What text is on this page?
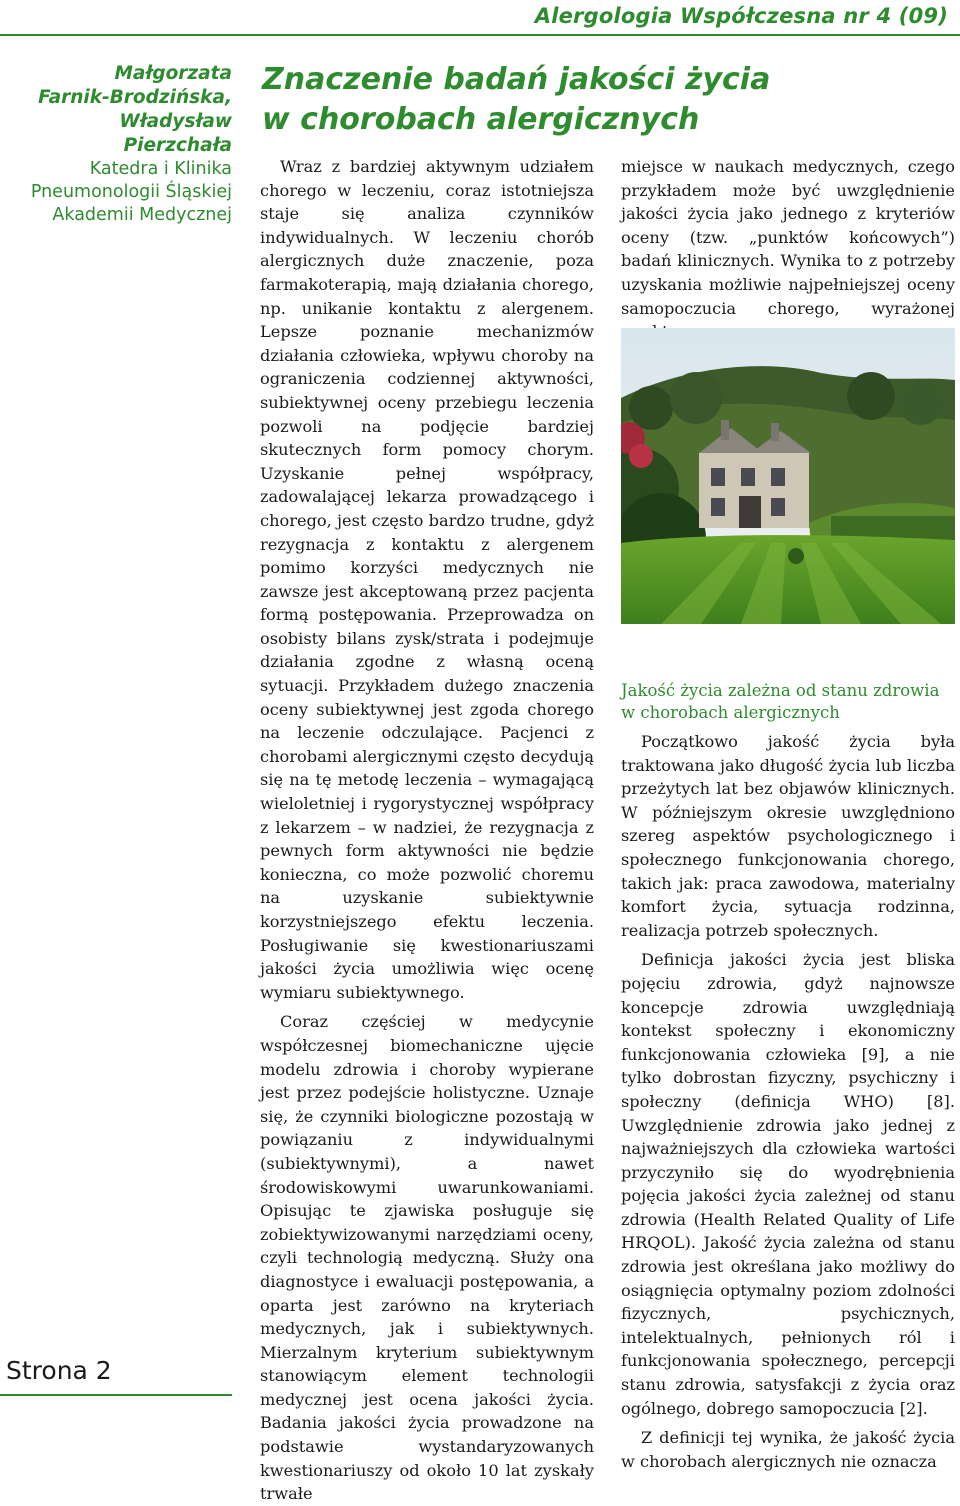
Alergologia Współczesna nr 4 (09)
Małgorzata
Farnik-Brodzińska,
Władysław
Pierzchała
Katedra i Klinika
Pneumonologii Śląskiej
Akademii Medycznej
Strona 2
Znaczenie badań jakości życia
w chorobach alergicznych

Wraz z bardziej aktywnym udziałem chorego w leczeniu, coraz istotniejsza staje się analiza czynników indywidualnych. W leczeniu chorób alergicznych duże znaczenie, poza farmakoterapią, mają działania chorego, np. unikanie kontaktu z alergenem. Lepsze poznanie mechanizmów działania człowieka, wpływu choroby na ograniczenia codziennej aktywności, subiektywnej oceny przebiegu leczenia pozwoli na podjęcie bardziej skutecznych form pomocy chorym. Uzyskanie pełnej współpracy, zadowalającej lekarza prowadzącego i chorego, jest często bardzo trudne, gdyż rezygnacja z kontaktu z alergenem pomimo korzyści medycznych nie zawsze jest akceptowaną przez pacjenta formą postępowania. Przeprowadza on osobisty bilans zysk/strata i podejmuje działania zgodne z własną oceną sytuacji. Przykładem dużego znaczenia oceny subiektywnej jest zgoda chorego na leczenie odczulające. Pacjenci z chorobami alergicznymi często decydują się na tę metodę leczenia – wymagającą wieloletniej i rygorystycznej współpracy z lekarzem – w nadziei, że rezygnacja z pewnych form aktywności nie będzie konieczna, co może pozwolić choremu na uzyskanie subiektywnie korzystniejszego efektu leczenia. Posługiwanie się kwestionariuszami jakości życia umożliwia więc ocenę wymiaru subiektywnego.

Coraz częściej w medycynie współczesnej biomechaniczne ujęcie modelu zdrowia i choroby wypierane jest przez podejście holistyczne. Uznaje się, że czynniki biologiczne pozostają w powiązaniu z indywidualnymi (subiektywnymi), a nawet środowiskowymi uwarunkowaniami. Opisując te zjawiska posługuje się zobiektywizowanymi narzędziami oceny, czyli technologią medyczną. Służy ona diagnostyce i ewaluacji postępowania, a oparta jest zarówno na kryteriach medycznych, jak i subiektywnych. Mierzalnym kryterium subiektywnym stanowiącym element technologii medycznej jest ocena jakości życia. Badania jakości życia prowadzone na podstawie wystandaryzowanych kwestionariuszy od około 10 lat zyskały trwałe

miejsce w naukach medycznych, czego przykładem może być uwzględnienie jakości życia jako jednego z kryteriów oceny (tzw. „punktów końcowych”) badań klinicznych. Wynika to z potrzeby uzyskania możliwie najpełniejszej oceny samopoczucia chorego, wyrażonej

Jakość życia zależna od stanu zdrowia
w chorobach alergicznych

Początkowo jakość życia była traktowana jako długość życia lub liczba przeżytych lat bez objawów klinicznych. W późniejszym okresie uwzględniono szereg aspektów psychologicznego i społecznego funkcjonowania chorego, takich jak: praca zawodowa, materialny komfort życia, sytuacja rodzinna, realizacja potrzeb społecznych.

Definicja jakości życia jest bliska pojęciu zdrowia, gdyż najnowsze koncepcje zdrowia uwzględniają kontekst społeczny i ekonomiczny funkcjonowania człowieka [9], a nie tylko dobrostan fizyczny, psychiczny i społeczny (definicja WHO) [8]. Uwzględnienie zdrowia jako jednej z najważniejszych dla człowieka wartości przyczyniło się do wyodrębnienia pojęcia jakości życia zależnej od stanu zdrowia (Health Related Quality of Life HRQOL). Jakość życia zależna od stanu zdrowia jest określana jako możliwy do osiągnięcia optymalny poziom zdolności fizycznych, psychicznych, intelektualnych, pełnionych ról i funkcjonowania społecznego, percepcji stanu zdrowia, satysfakcji z życia oraz ogólnego, dobrego samopoczucia [2].

Z definicji tej wynika, że jakość życia w chorobach alergicznych nie oznacza
